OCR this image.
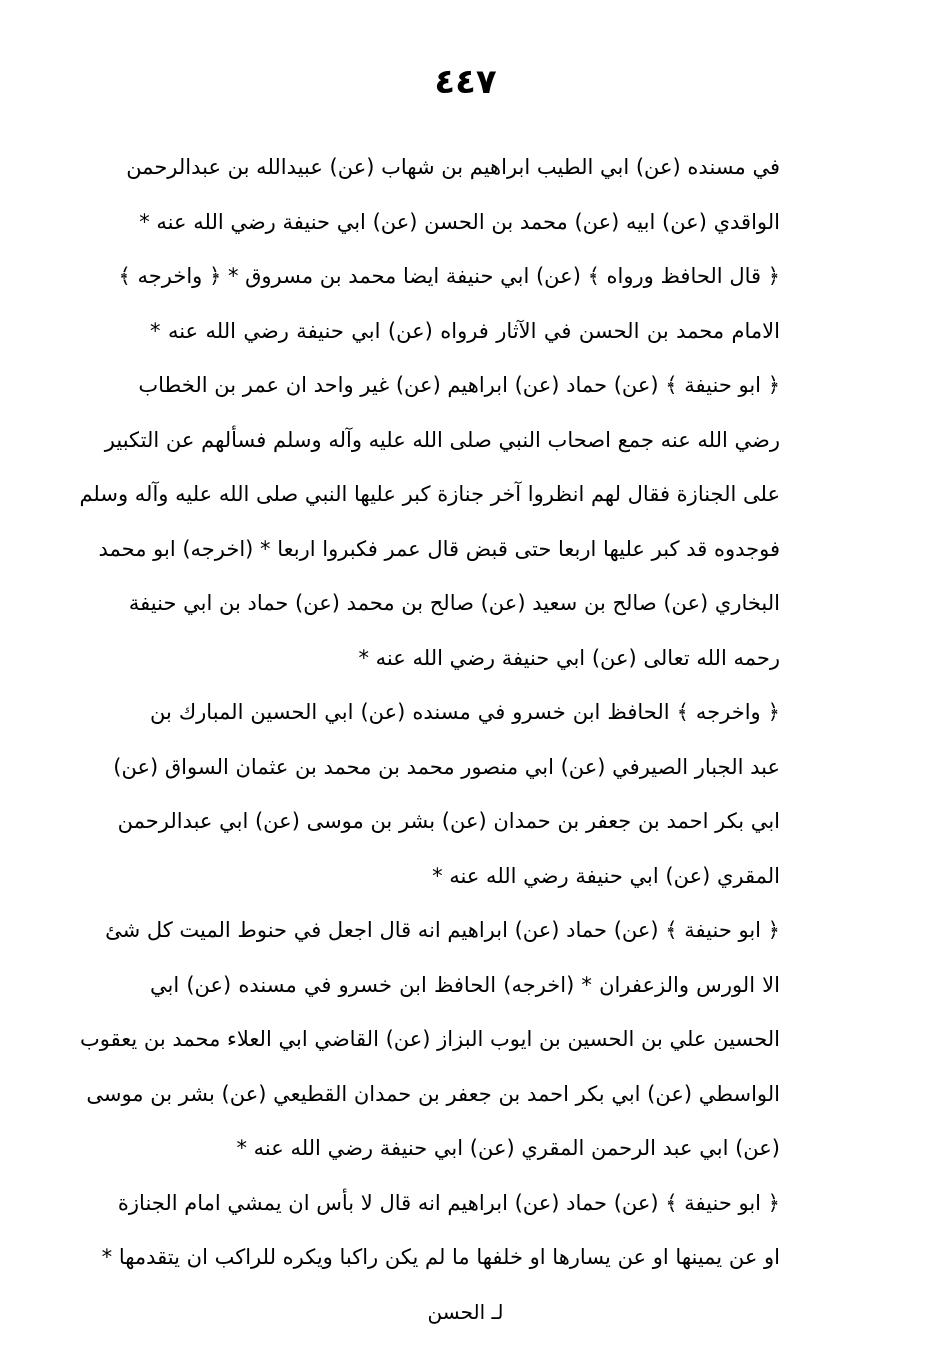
٤٤٧
في مسنده (عن) ابي الطيب ابراهيم بن شهاب (عن) عبيدالله بن عبدالرحمن
الواقدي (عن) ابيه (عن) محمد بن الحسن (عن) ابي حنيفة رضي الله عنه *
﴿ قال الحافظ ورواه ﴾ (عن) ابي حنيفة ايضا محمد بن مسروق * ﴿ واخرجه ﴾
الامام محمد بن الحسن في الآثار فرواه (عن) ابي حنيفة رضي الله عنه *
﴿ ابو حنيفة ﴾ (عن) حماد (عن) ابراهيم (عن) غير واحد ان عمر بن الخطاب
رضي الله عنه جمع اصحاب النبي صلى الله عليه وآله وسلم فسألهم عن التكبير
على الجنازة فقال لهم انظروا آخر جنازة كبر عليها النبي صلى الله عليه وآله وسلم
فوجدوه قد كبر عليها اربعا حتى قبض قال عمر فكبروا اربعا * (اخرجه) ابو محمد
البخاري (عن) صالح بن سعيد (عن) صالح بن محمد (عن) حماد بن ابي حنيفة
رحمه الله تعالى (عن) ابي حنيفة رضي الله عنه *
﴿ واخرجه ﴾ الحافظ ابن خسرو في مسنده (عن) ابي الحسين المبارك بن
عبد الجبار الصيرفي (عن) ابي منصور محمد بن محمد بن عثمان السواق (عن)
ابي بكر احمد بن جعفر بن حمدان (عن) بشر بن موسى (عن) ابي عبدالرحمن
المقري (عن) ابي حنيفة رضي الله عنه *
﴿ ابو حنيفة ﴾ (عن) حماد (عن) ابراهيم انه قال اجعل في حنوط الميت كل شئ
الا الورس والزعفران * (اخرجه) الحافظ ابن خسرو في مسنده (عن) ابي
الحسين علي بن الحسين بن ايوب البزاز (عن) القاضي ابي العلاء محمد بن يعقوب
الواسطي (عن) ابي بكر احمد بن جعفر بن حمدان القطيعي (عن) بشر بن موسى
(عن) ابي عبد الرحمن المقري (عن) ابي حنيفة رضي الله عنه *
﴿ ابو حنيفة ﴾ (عن) حماد (عن) ابراهيم انه قال لا بأس ان يمشي امام الجنازة
او عن يمينها او عن يسارها او خلفها ما لم يكن راكبا ويكره للراكب ان يتقدمها *
لـ الحسن
